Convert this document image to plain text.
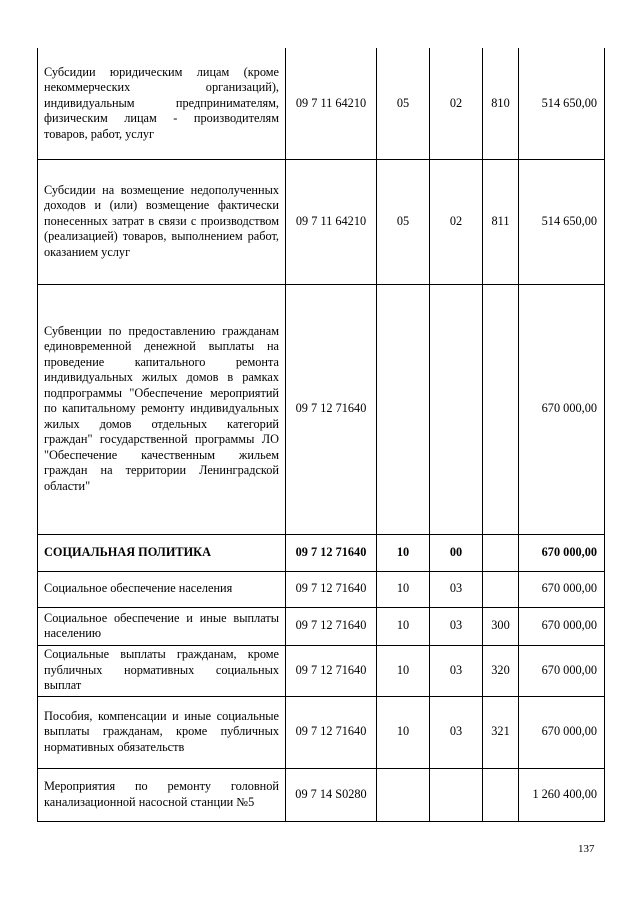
Субсидии юридическим лицам (кроме некоммерческих организаций), индивидуальным предпринимателям, физическим лицам - производителям товаров, работ, услуг	09 7 11 64210	05	02	810	514 650,00
Субсидии на возмещение недополученных доходов и (или) возмещение фактически понесенных затрат в связи с производством (реализацией) товаров, выполнением работ, оказанием услуг	09 7 11 64210	05	02	811	514 650,00
Субвенции по предоставлению гражданам единовременной денежной выплаты на проведение капитального ремонта индивидуальных жилых домов в рамках подпрограммы "Обеспечение мероприятий по капитальному ремонту индивидуальных жилых домов отдельных категорий граждан" государственной программы ЛО "Обеспечение качественным жильем граждан на территории Ленинградской области"	09 7 12 71640				670 000,00
СОЦИАЛЬНАЯ ПОЛИТИКА	09 7 12 71640	10	00		670 000,00
Социальное обеспечение населения	09 7 12 71640	10	03		670 000,00
Социальное обеспечение и иные выплаты населению	09 7 12 71640	10	03	300	670 000,00
Социальные выплаты гражданам, кроме публичных нормативных социальных выплат	09 7 12 71640	10	03	320	670 000,00
Пособия, компенсации и иные социальные выплаты гражданам, кроме публичных нормативных обязательств	09 7 12 71640	10	03	321	670 000,00
Мероприятия по ремонту головной канализационной насосной станции №5	09 7 14 S0280				1 260 400,00
137
